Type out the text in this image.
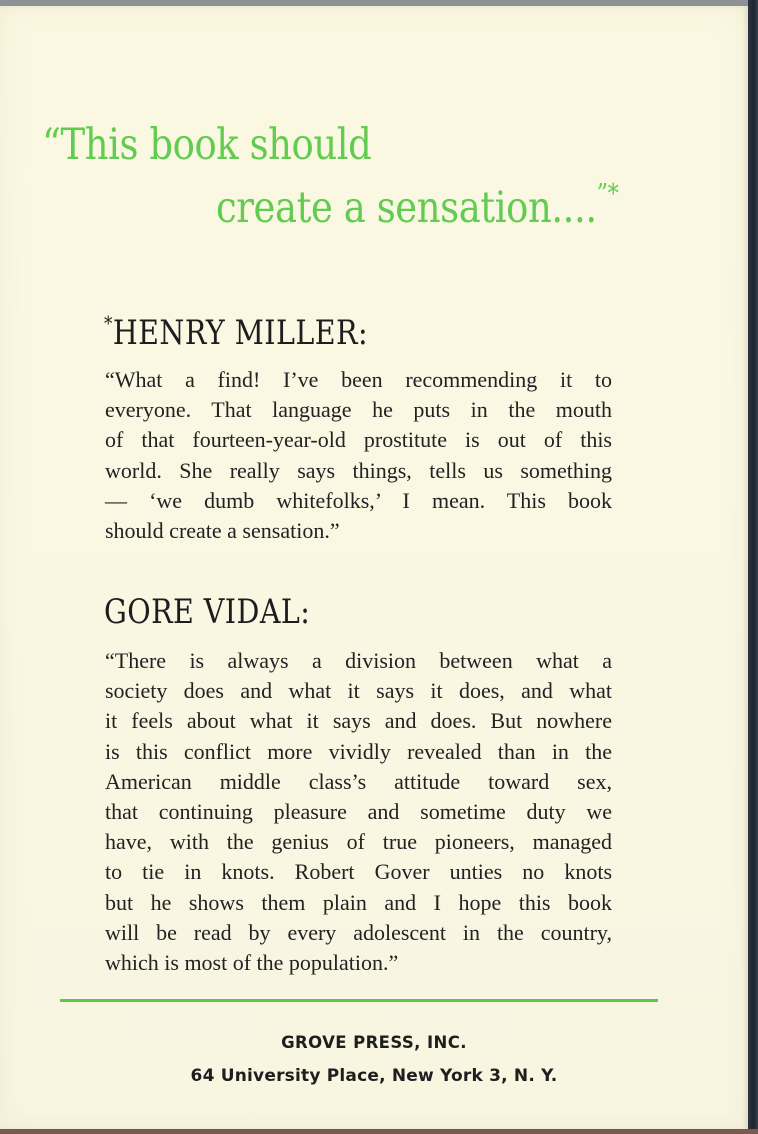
“This book should
create a sensation....”*
*HENRY MILLER:
“What a find! I’ve been recommending it to
everyone. That language he puts in the mouth
of that fourteen-year-old prostitute is out of this
world. She really says things, tells us something
— ‘we dumb whitefolks,’ I mean. This book
should create a sensation.”
GORE VIDAL:
“There is always a division between what a
society does and what it says it does, and what
it feels about what it says and does. But nowhere
is this conflict more vividly revealed than in the
American middle class’s attitude toward sex,
that continuing pleasure and sometime duty we
have, with the genius of true pioneers, managed
to tie in knots. Robert Gover unties no knots
but he shows them plain and I hope this book
will be read by every adolescent in the country,
which is most of the population.”
GROVE PRESS, INC.
64 University Place, New York 3, N. Y.
